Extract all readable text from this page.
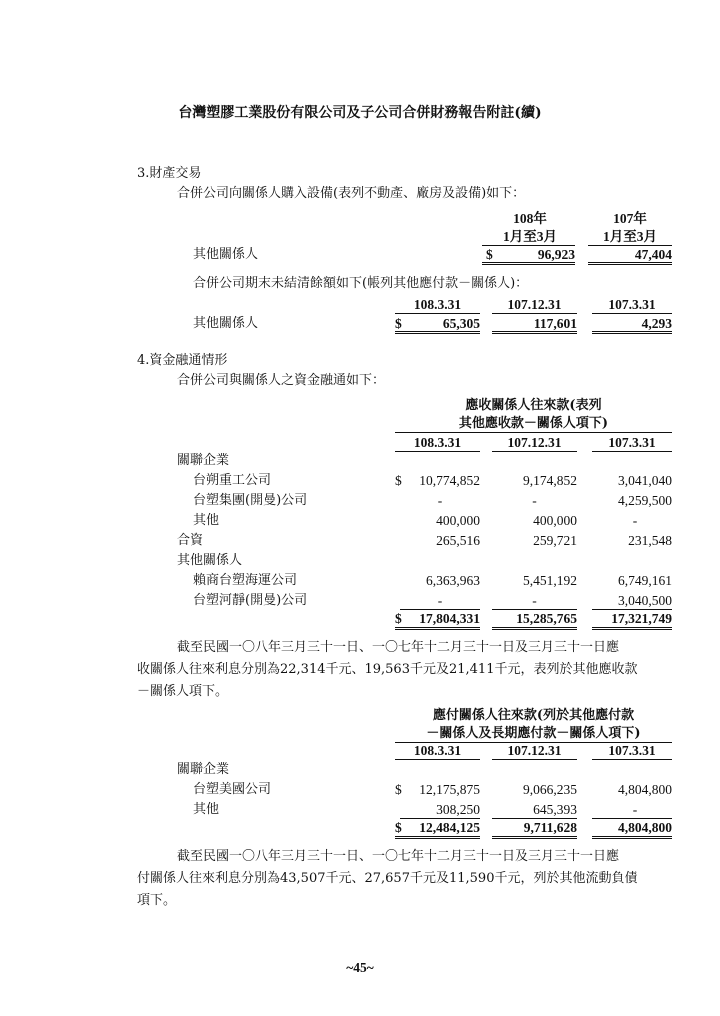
台灣塑膠工業股份有限公司及子公司合併財務報告附註(續)
3.財產交易
合併公司向關係人購入設備(表列不動產、廠房及設備)如下：
108年	107年
1月至3月	1月至3月
其他關係人	$	96,923	47,404
合併公司期末未結清餘額如下(帳列其他應付款－關係人)：
108.3.31	107.12.31	107.3.31
其他關係人	$	65,305	117,601	4,293
4.資金融通情形
合併公司與關係人之資金融通如下：
應收關係人往來款(表列
其他應收款－關係人項下)
108.3.31	107.12.31	107.3.31
關聯企業
台朔重工公司	$	10,774,852	9,174,852	3,041,040
台塑集團(開曼)公司	-	-	4,259,500
其他	400,000	400,000	-
合資	265,516	259,721	231,548
其他關係人
賴商台塑海運公司	6,363,963	5,451,192	6,749,161
台塑河靜(開曼)公司	-	-	3,040,500
$	17,804,331	15,285,765	17,321,749
截至民國一〇八年三月三十一日、一〇七年十二月三十一日及三月三十一日應
收關係人往來利息分別為22,314千元、19,563千元及21,411千元，表列於其他應收款
－關係人項下。
應付關係人往來款(列於其他應付款
－關係人及長期應付款－關係人項下)
108.3.31	107.12.31	107.3.31
關聯企業
台塑美國公司	$	12,175,875	9,066,235	4,804,800
其他	308,250	645,393	-
$	12,484,125	9,711,628	4,804,800
截至民國一〇八年三月三十一日、一〇七年十二月三十一日及三月三十一日應
付關係人往來利息分別為43,507千元、27,657千元及11,590千元，列於其他流動負債
項下。
~45~
